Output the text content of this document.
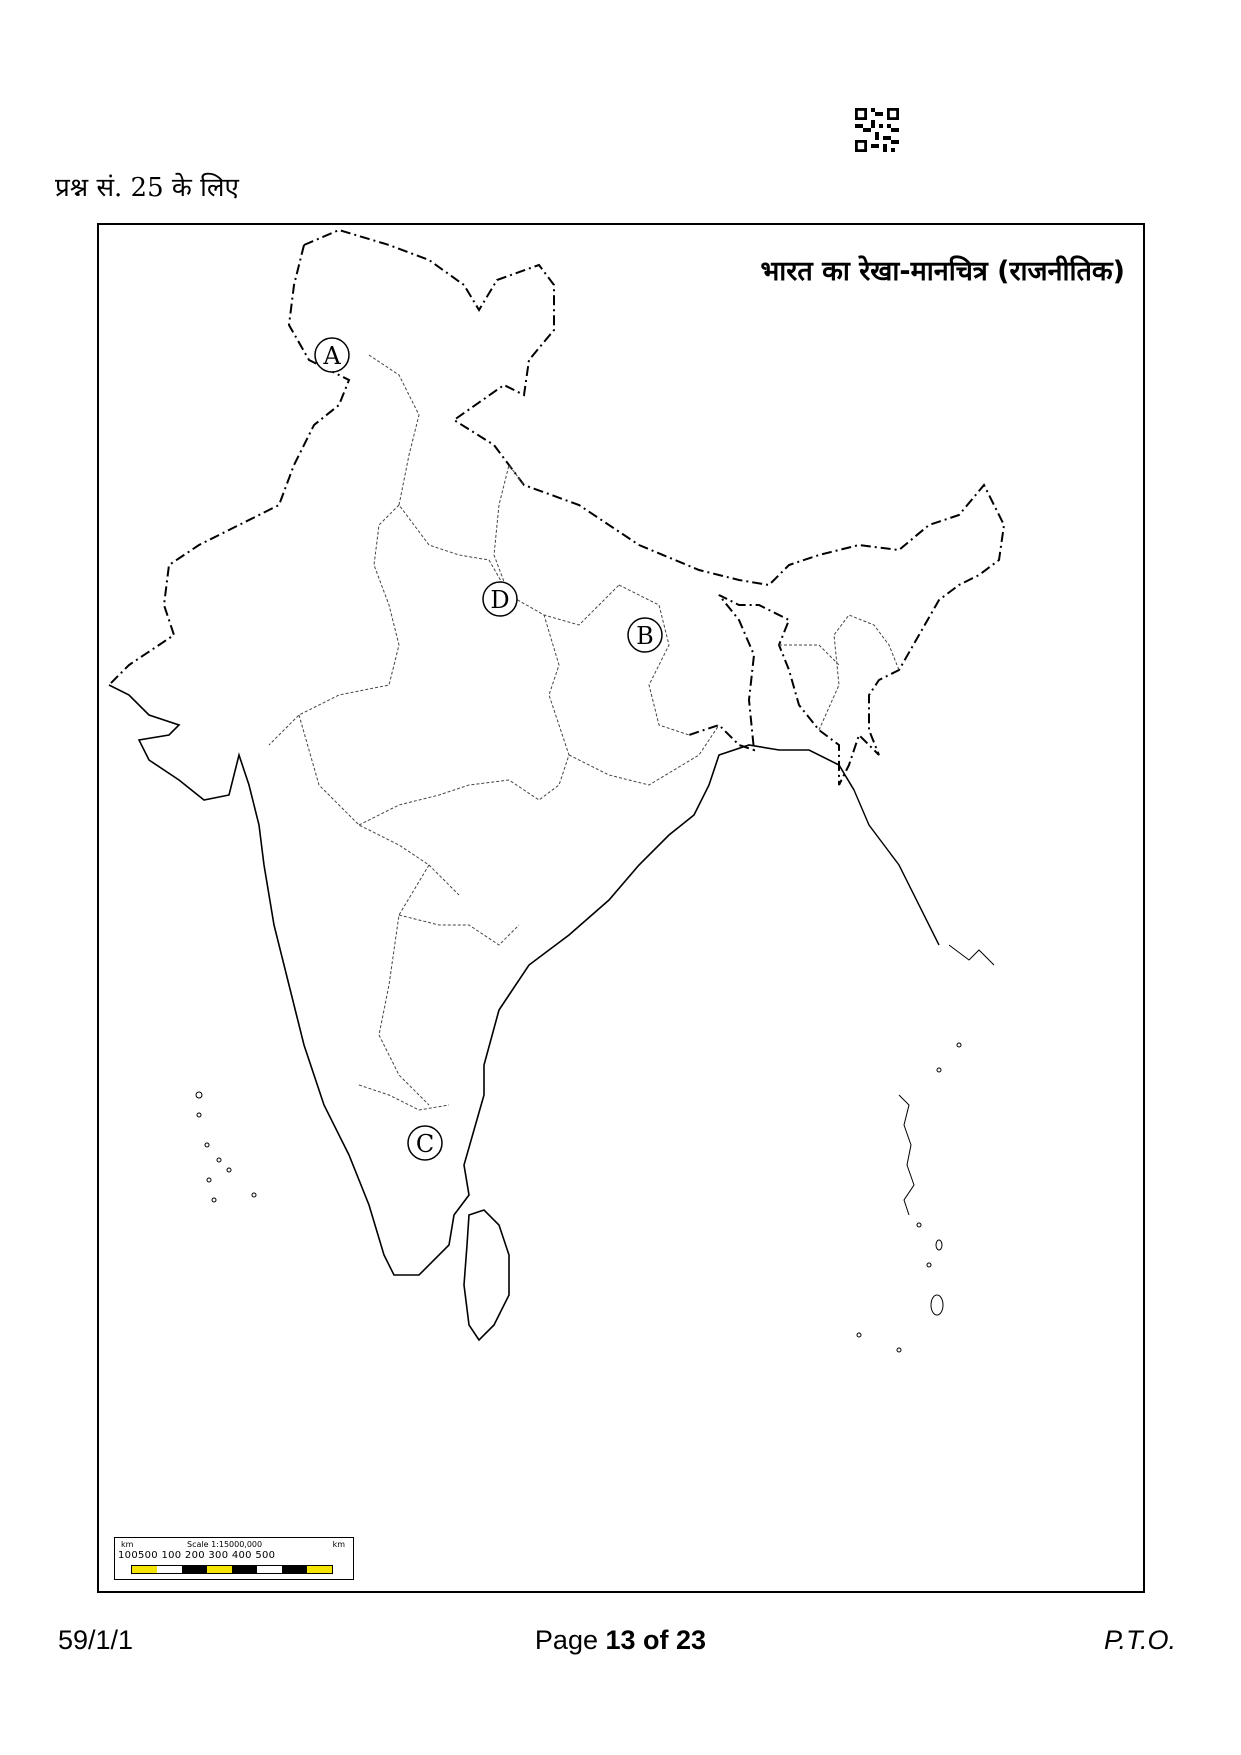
प्रश्न सं. 25 के लिए
A
B
C
D
भारत का रेखा-मानचित्र (राजनीतिक)
km	Scale 1:15000,000	km
100500 100 200 300 400 500
59/1/1	Page 13 of 23	P.T.O.
